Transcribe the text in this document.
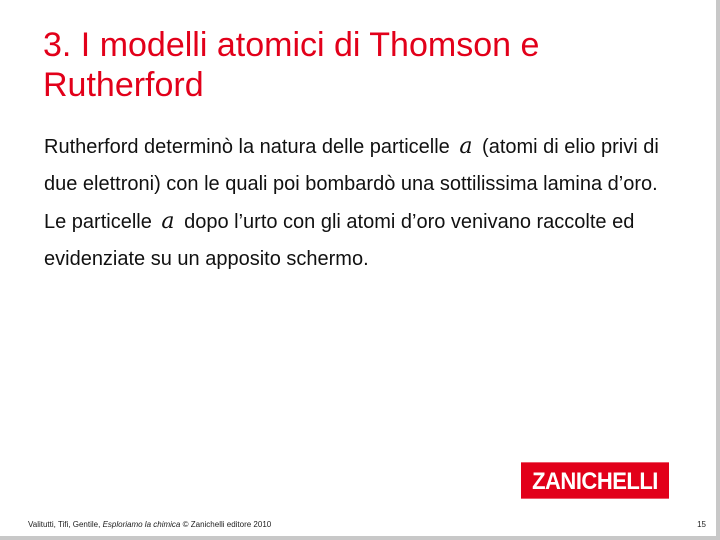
3. I modelli atomici di Thomson e Rutherford

Rutherford determinò la natura delle particelle a (atomi di elio privi di due elettroni) con le quali poi bombardò una sottilissima lamina d’oro.

Le particelle a dopo l’urto con gli atomi d’oro venivano raccolte ed evidenziate su un apposito schermo.

ZANICHELLI
Valitutti, Tifi, Gentile, Esploriamo la chimica © Zanichelli editore 2010	15
